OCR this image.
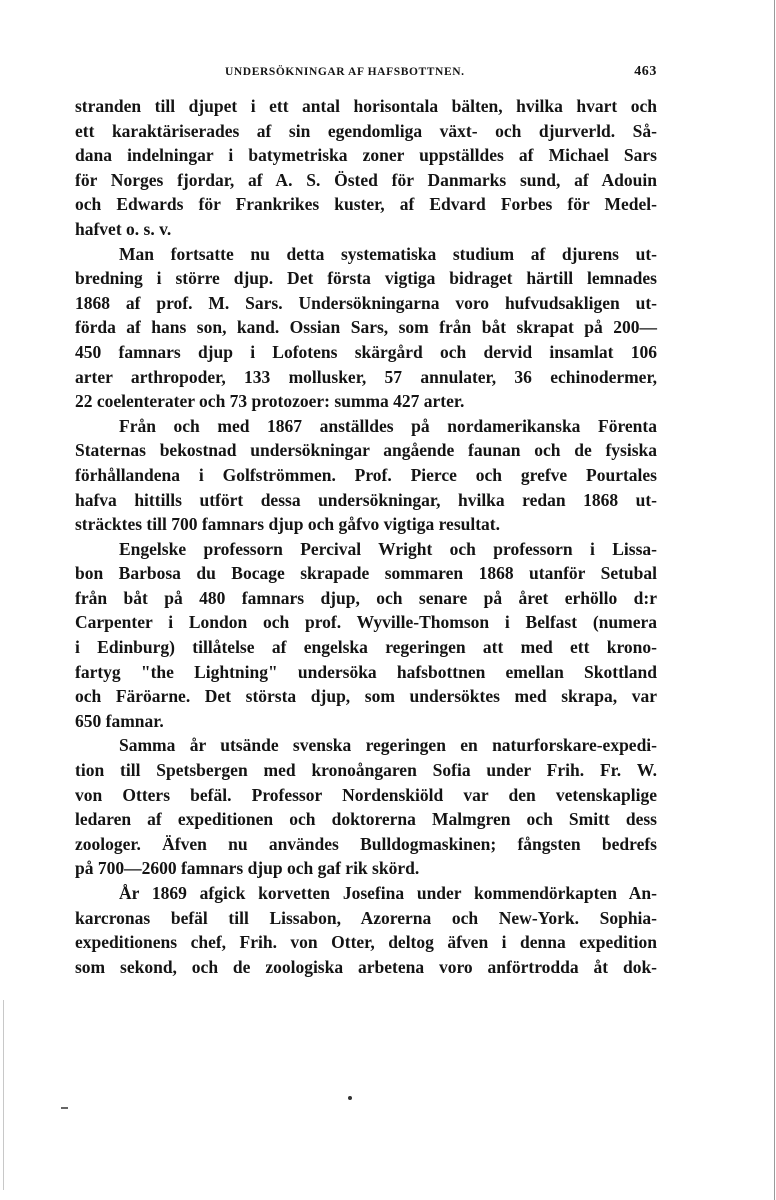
UNDERSÖKNINGAR AF HAFSBOTTNEN.	463
stranden till djupet i ett antal horisontala bälten, hvilka hvart och
ett karaktäriserades af sin egendomliga växt- och djurverld. Så-
dana indelningar i batymetriska zoner uppställdes af Michael Sars
för Norges fjordar, af A. S. Östed för Danmarks sund, af Adouin
och Edwards för Frankrikes kuster, af Edvard Forbes för Medel-
hafvet o. s. v.
Man fortsatte nu detta systematiska studium af djurens ut-
bredning i större djup. Det första vigtiga bidraget härtill lemnades
1868 af prof. M. Sars. Undersökningarna voro hufvudsakligen ut-
förda af hans son, kand. Ossian Sars, som från båt skrapat på 200—
450 famnars djup i Lofotens skärgård och dervid insamlat 106
arter arthropoder, 133 mollusker, 57 annulater, 36 echinodermer,
22 coelenterater och 73 protozoer: summa 427 arter.
Från och med 1867 anställdes på nordamerikanska Förenta
Staternas bekostnad undersökningar angående faunan och de fysiska
förhållandena i Golfströmmen. Prof. Pierce och grefve Pourtales
hafva hittills utfört dessa undersökningar, hvilka redan 1868 ut-
sträcktes till 700 famnars djup och gåfvo vigtiga resultat.
Engelske professorn Percival Wright och professorn i Lissa-
bon Barbosa du Bocage skrapade sommaren 1868 utanför Setubal
från båt på 480 famnars djup, och senare på året erhöllo d:r
Carpenter i London och prof. Wyville-Thomson i Belfast (numera
i Edinburg) tillåtelse af engelska regeringen att med ett krono-
fartyg "the Lightning" undersöka hafsbottnen emellan Skottland
och Färöarne. Det största djup, som undersöktes med skrapa, var
650 famnar.
Samma år utsände svenska regeringen en naturforskare-expedi-
tion till Spetsbergen med kronoångaren Sofia under Frih. Fr. W.
von Otters befäl. Professor Nordenskiöld var den vetenskaplige
ledaren af expeditionen och doktorerna Malmgren och Smitt dess
zoologer. Äfven nu användes Bulldogmaskinen; fångsten bedrefs
på 700—2600 famnars djup och gaf rik skörd.
År 1869 afgick korvetten Josefina under kommendörkapten An-
karcronas befäl till Lissabon, Azorerna och New-York. Sophia-
expeditionens chef, Frih. von Otter, deltog äfven i denna expedition
som sekond, och de zoologiska arbetena voro anförtrodda åt dok-
